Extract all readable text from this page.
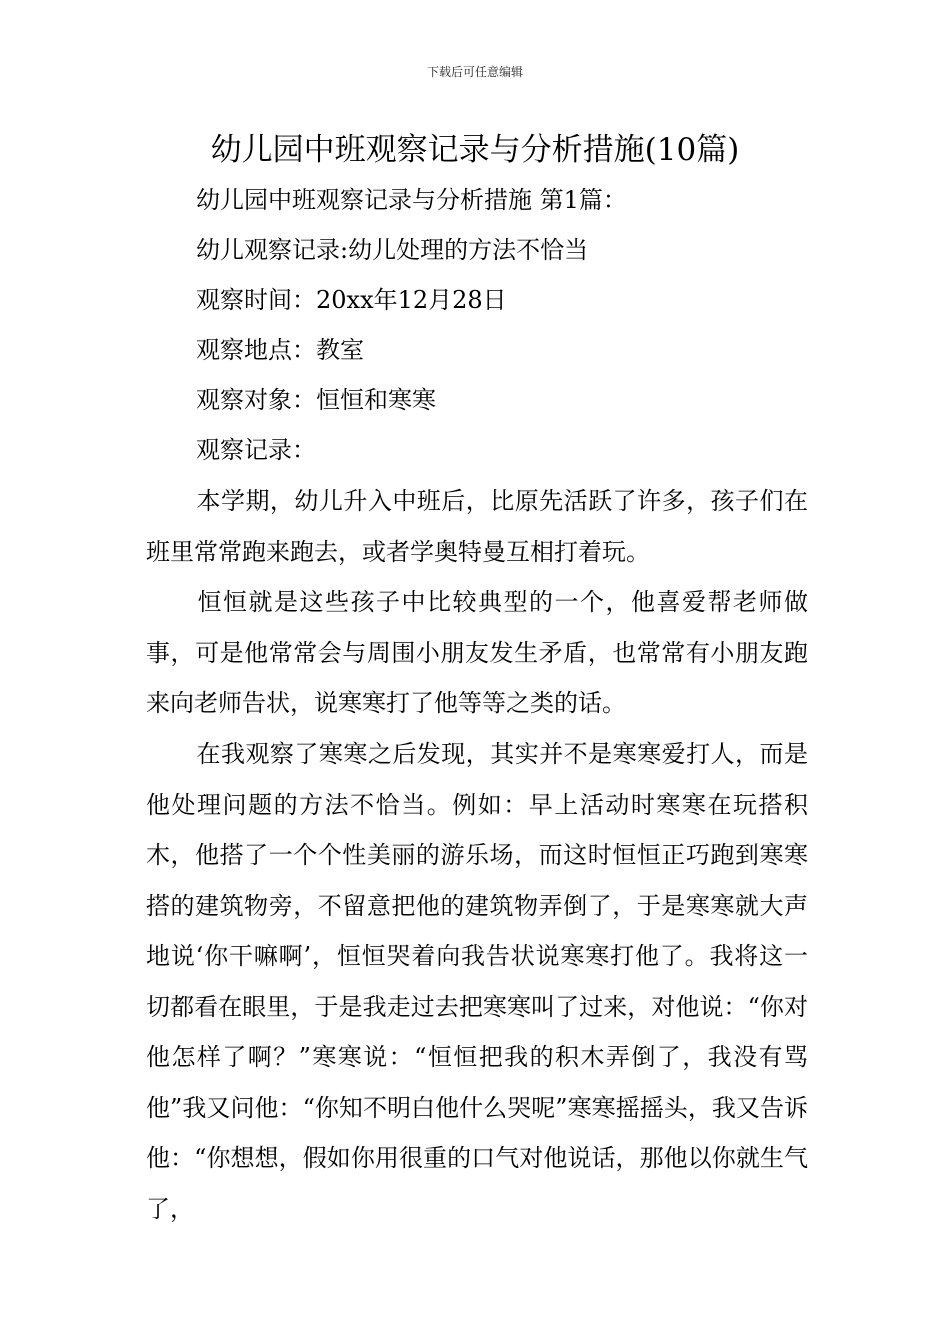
下载后可任意编辑
幼儿园中班观察记录与分析措施(10篇)
幼儿园中班观察记录与分析措施 第1篇：
幼儿观察记录:幼儿处理的方法不恰当
观察时间：20xx年12月28日
观察地点：教室
观察对象：恒恒和寒寒
观察记录：

本学期，幼儿升入中班后，比原先活跃了许多，孩子们在班里常常跑来跑去，或者学奥特曼互相打着玩。

恒恒就是这些孩子中比较典型的一个，他喜爱帮老师做事，可是他常常会与周围小朋友发生矛盾，也常常有小朋友跑来向老师告状，说寒寒打了他等等之类的话。

在我观察了寒寒之后发现，其实并不是寒寒爱打人，而是他处理问题的方法不恰当。例如：早上活动时寒寒在玩搭积木，他搭了一个个性美丽的游乐场，而这时恒恒正巧跑到寒寒搭的建筑物旁，不留意把他的建筑物弄倒了，于是寒寒就大声地说‘你干嘛啊’，恒恒哭着向我告状说寒寒打他了。我将这一切都看在眼里，于是我走过去把寒寒叫了过来，对他说：“你对他怎样了啊？”寒寒说：“恒恒把我的积木弄倒了，我没有骂他”我又问他：“你知不明白他什么哭呢”寒寒摇摇头，我又告诉他：“你想想，假如你用很重的口气对他说话，那他以你就生气了，
